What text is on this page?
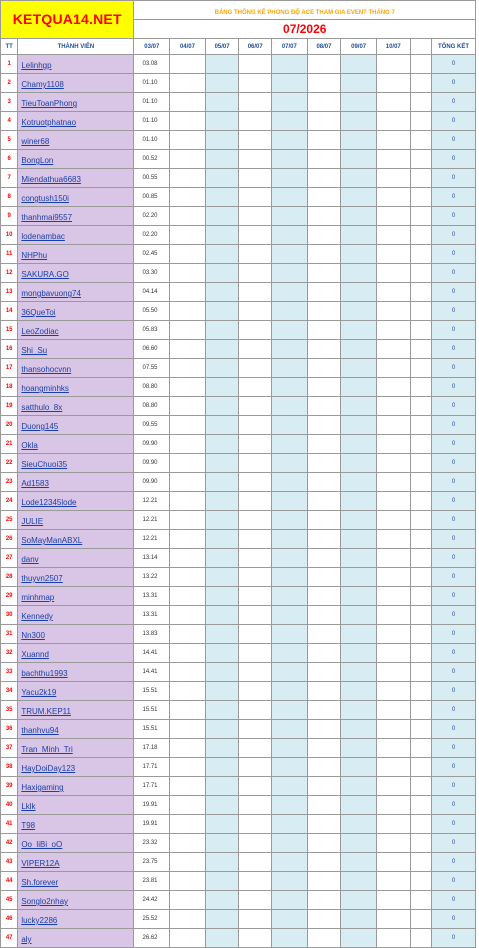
KETQUA14.NET		BẢNG THỐNG KÊ PHONG ĐỘ ACE THAM GIA EVENT THÁNG 7									
		07/2026									
TT	THÀNH VIÊN	03/07	04/07	05/07	06/07	07/07	08/07	09/07	10/07		TỔNG KẾT
1	Lelinhgp	03.08									0
2	Chamy1108	01.10									0
3	TieuToanPhong	01.10									0
4	Kotruotphatnao	01.10									0
5	winer68	01.10									0
6	BongLon	00.52									0
7	Miendathua6683	00.55									0
8	congtush150i	00.85									0
9	thanhmai9557	02.20									0
10	lodenambac	02.20									0
11	NHPhu	02.45									0
12	SAKURA.GO	03.30									0
13	mongbavuong74	04.14									0
14	36QueToi	05.50									0
15	LeoZodiac	05.83									0
16	Shi_Su	06.60									0
17	thansohocvnn	07.55									0
18	hoangminhks	08.80									0
19	satthulo_8x	08.80									0
20	Duong145	09.55									0
21	Okla	09.90									0
22	SieuChuoi35	09.90									0
23	Ad1583	09.90									0
24	Lode12345lode	12.21									0
25	JULIE	12.21									0
26	SoMayManABXL	12.21									0
27	danv	13.14									0
28	thuyvn2507	13.22									0
29	minhmap	13.31									0
30	Kennedy	13.31									0
31	Nn300	13.83									0
32	Xuannd	14.41									0
33	bachthu1993	14.41									0
34	Yacu2k19	15.51									0
35	TRUM.KEP11	15.51									0
36	thanhvu94	15.51									0
37	Tran_Minh_Tri	17.18									0
38	HayDoiDay123	17.71									0
39	Haxigaming	17.71									0
40	Lklk	19.91									0
41	T98	19.91									0
42	Oo_liBi_oO	23.32									0
43	VIPER12A	23.75									0
44	Sh.forever	23.81									0
45	Songlo2nhay	24.42									0
46	lucky2286	25.52									0
47	aly	26.62									0
